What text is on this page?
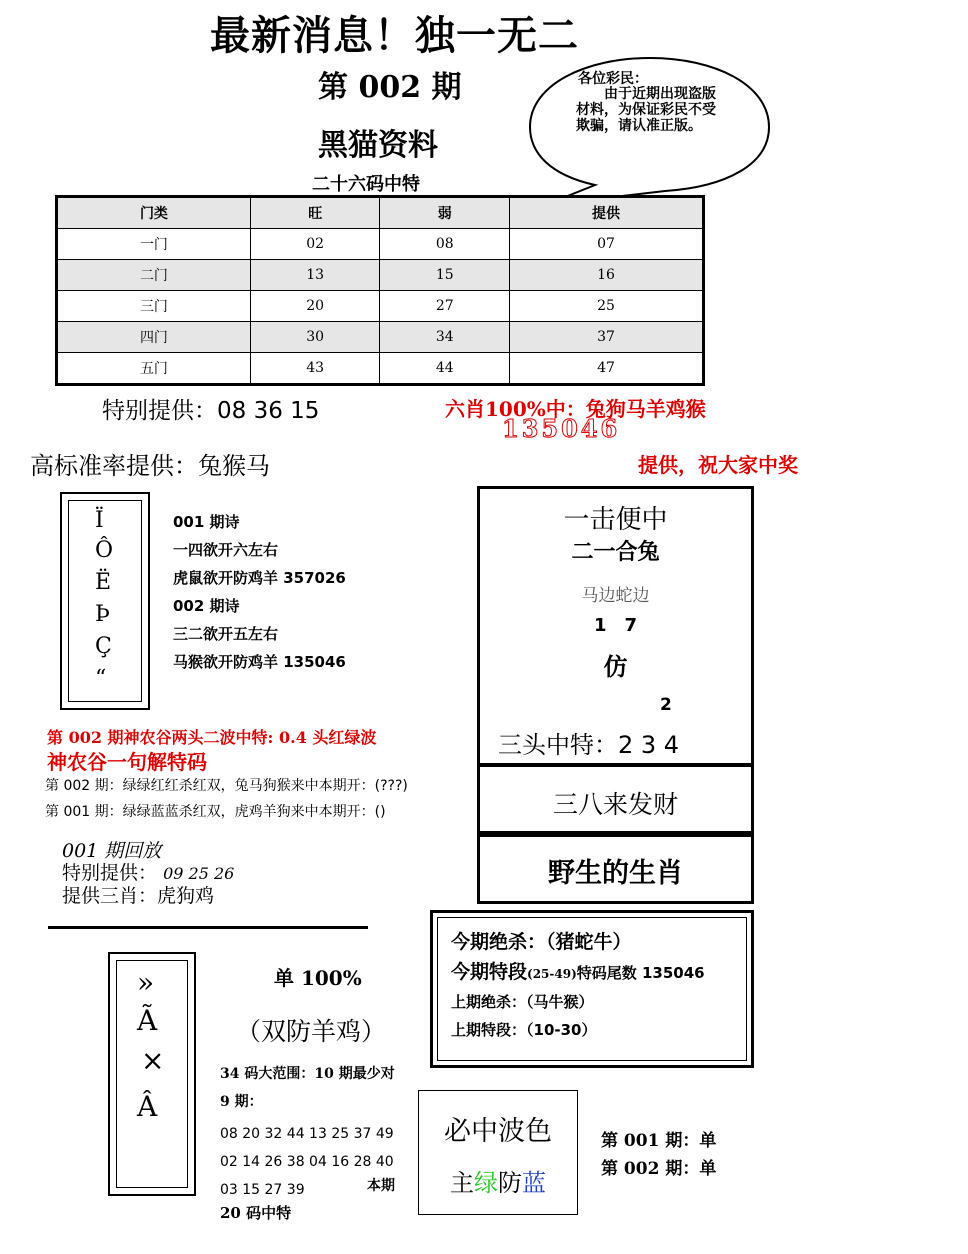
最新消息！独一无二
第 002 期
黑猫资料
二十六码中特
各位彩民：
由于近期出现盗版材料，为保证彩民不受欺骗，请认准正版。
门类	旺	弱	提供
一门	02	08	07
二门	13	15	16
三门	20	27	25
四门	30	34	37
五门	43	44	47
特别提供：08 36 15	六肖100%中：兔狗马羊鸡猴
135046
高标准率提供：兔猴马	提供，祝大家中奖
Ï
Ô
Ë
Þ
Ç
“
001 期诗
一四欲开六左右
虎鼠欲开防鸡羊 357026
002 期诗
三二欲开五左右
马猴欲开防鸡羊 135046
一击便中
二一合兔
马边蛇边
1　7
仿
2
三头中特：2 3 4
三八来发财
野生的生肖
第 002 期神农谷两头二波中特: 0.4 头红绿波
神农谷一句解特码
第 002 期：绿绿红红杀红双，兔马狗猴来中本期开：(???)
第 001 期：绿绿蓝蓝杀红双，虎鸡羊狗来中本期开：()
001 期回放
特别提供： 09 25 26
提供三肖：虎狗鸡
今期绝杀：（猪蛇牛）
今期特段(25-49)特码尾数 135046
上期绝杀：（马牛猴）
上期特段：（10-30）
»
Ã
×
Â
单 100%
（双防羊鸡）
34 码大范围：10 期最少对
9 期：
08 20 32 44 13 25 37 49
02 14 26 38 04 16 28 40
03 15 27 39	本期
20 码中特
必中波色
主绿防蓝
第 001 期：单
第 002 期：单
